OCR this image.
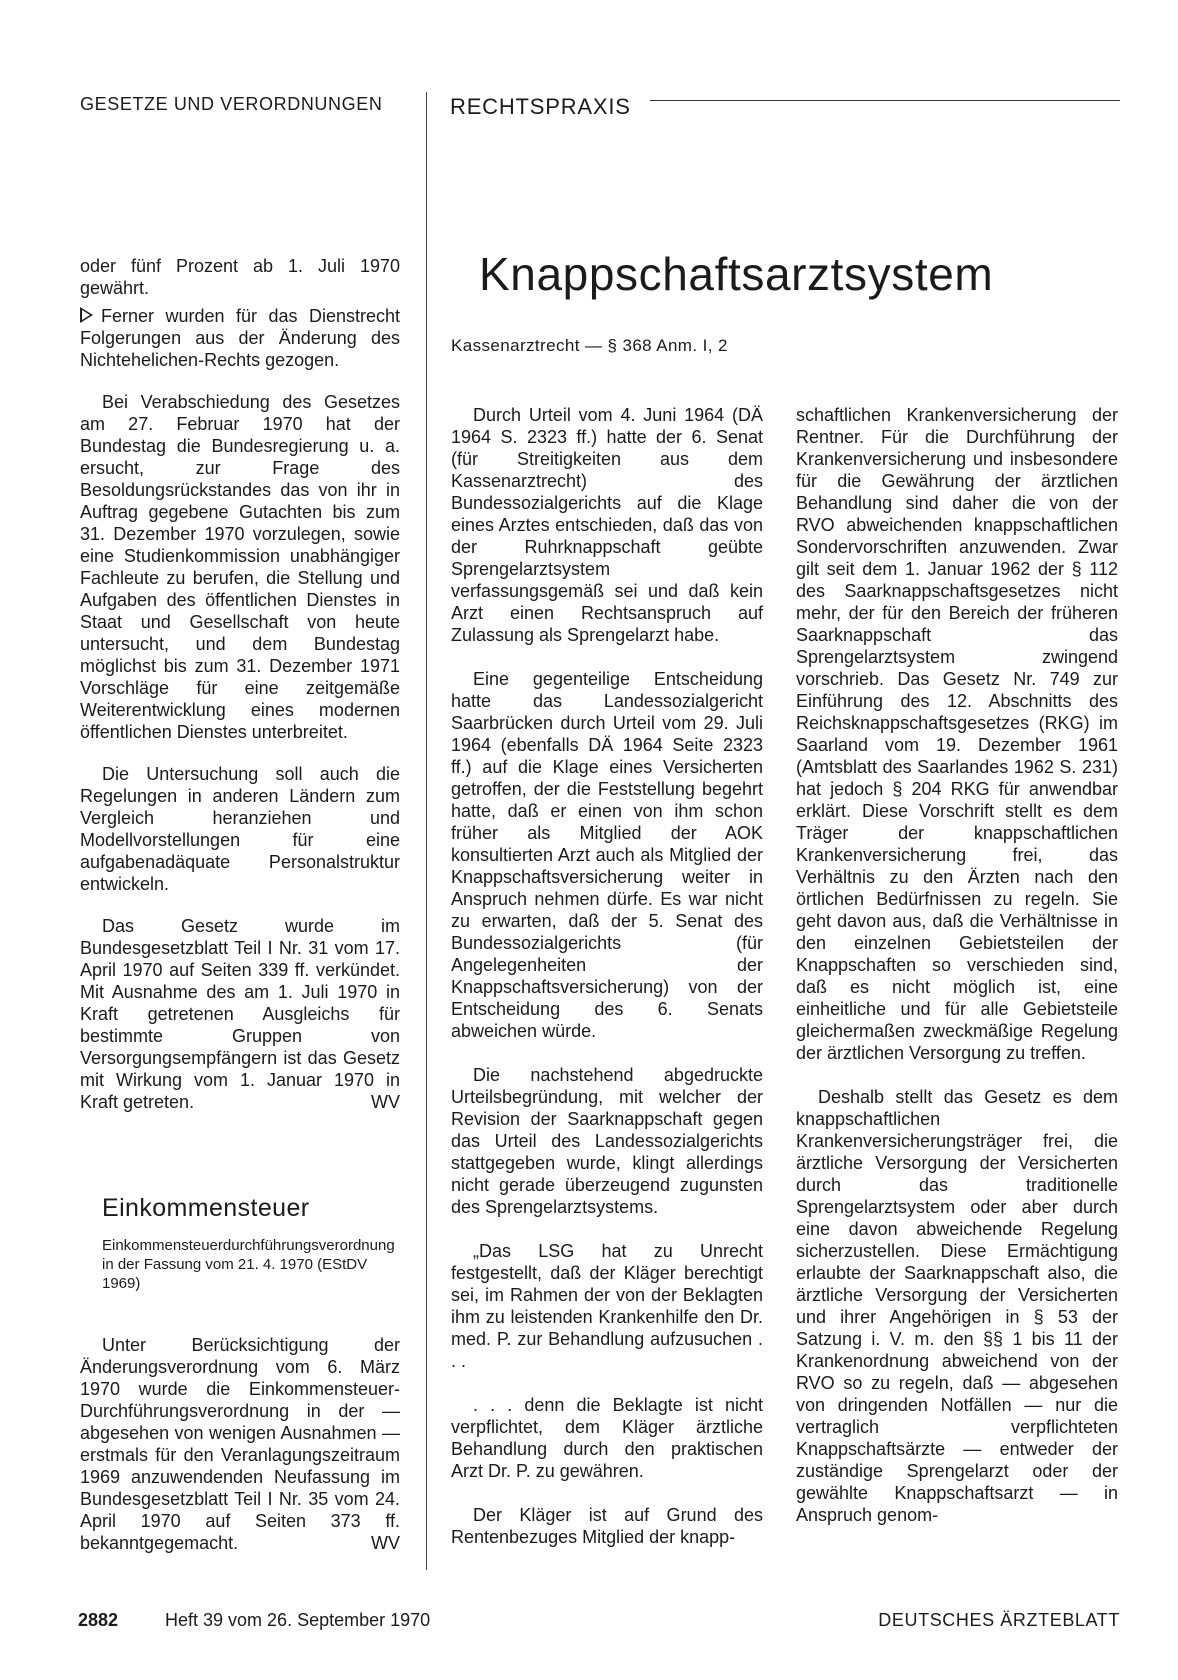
GESETZE UND VERORDNUNGEN	RECHTSPRAXIS

oder fünf Prozent ab 1. Juli 1970 gewährt.

Ferner wurden für das Dienstrecht Folgerungen aus der Änderung des Nichtehelichen-Rechts gezogen.

Bei Verabschiedung des Gesetzes am 27. Februar 1970 hat der Bundestag die Bundesregierung u. a. ersucht, zur Frage des Besoldungsrückstandes das von ihr in Auftrag gegebene Gutachten bis zum 31. Dezember 1970 vorzulegen, sowie eine Studienkommission unabhängiger Fachleute zu berufen, die Stellung und Aufgaben des öffentlichen Dienstes in Staat und Gesellschaft von heute untersucht, und dem Bundestag möglichst bis zum 31. Dezember 1971 Vorschläge für eine zeitgemäße Weiterentwicklung eines modernen öffentlichen Dienstes unterbreitet.

Die Untersuchung soll auch die Regelungen in anderen Ländern zum Vergleich heranziehen und Modellvorstellungen für eine aufgabenadäquate Personalstruktur entwickeln.

Das Gesetz wurde im Bundesgesetzblatt Teil I Nr. 31 vom 17. April 1970 auf Seiten 339 ff. verkündet. Mit Ausnahme des am 1. Juli 1970 in Kraft getretenen Ausgleichs für bestimmte Gruppen von Versorgungsempfängern ist das Gesetz mit Wirkung vom 1. Januar 1970 in Kraft getreten.	WV

Einkommensteuer
Einkommensteuerdurchführungsverordnung in der Fassung vom 21. 4. 1970 (EStDV 1969)

Unter Berücksichtigung der Änderungsverordnung vom 6. März 1970 wurde die Einkommensteuer-Durchführungsverordnung in der — abgesehen von wenigen Ausnahmen — erstmals für den Veranlagungszeitraum 1969 anzuwendenden Neufassung im Bundesgesetzblatt Teil I Nr. 35 vom 24. April 1970 auf Seiten 373 ff. bekanntgegemacht.	WV

Knappschaftsarztsystem
Kassenarztrecht — § 368 Anm. I, 2

Durch Urteil vom 4. Juni 1964 (DÄ 1964 S. 2323 ff.) hatte der 6. Senat (für Streitigkeiten aus dem Kassenarztrecht) des Bundessozialgerichts auf die Klage eines Arztes entschieden, daß das von der Ruhrknappschaft geübte Sprengelarztsystem verfassungsgemäß sei und daß kein Arzt einen Rechtsanspruch auf Zulassung als Sprengelarzt habe.

Eine gegenteilige Entscheidung hatte das Landessozialgericht Saarbrücken durch Urteil vom 29. Juli 1964 (ebenfalls DÄ 1964 Seite 2323 ff.) auf die Klage eines Versicherten getroffen, der die Feststellung begehrt hatte, daß er einen von ihm schon früher als Mitglied der AOK konsultierten Arzt auch als Mitglied der Knappschaftsversicherung weiter in Anspruch nehmen dürfe. Es war nicht zu erwarten, daß der 5. Senat des Bundessozialgerichts (für Angelegenheiten der Knappschaftsversicherung) von der Entscheidung des 6. Senats abweichen würde.

Die nachstehend abgedruckte Urteilsbegründung, mit welcher der Revision der Saarknappschaft gegen das Urteil des Landessozialgerichts stattgegeben wurde, klingt allerdings nicht gerade überzeugend zugunsten des Sprengelarztsystems.

„Das LSG hat zu Unrecht festgestellt, daß der Kläger berechtigt sei, im Rahmen der von der Beklagten ihm zu leistenden Krankenhilfe den Dr. med. P. zur Behandlung aufzusuchen . . .

. . . denn die Beklagte ist nicht verpflichtet, dem Kläger ärztliche Behandlung durch den praktischen Arzt Dr. P. zu gewähren.

Der Kläger ist auf Grund des Rentenbezuges Mitglied der knapp-

schaftlichen Krankenversicherung der Rentner. Für die Durchführung der Krankenversicherung und insbesondere für die Gewährung der ärztlichen Behandlung sind daher die von der RVO abweichenden knappschaftlichen Sondervorschriften anzuwenden. Zwar gilt seit dem 1. Januar 1962 der § 112 des Saarknappschaftsgesetzes nicht mehr, der für den Bereich der früheren Saarknappschaft das Sprengelarztsystem zwingend vorschrieb. Das Gesetz Nr. 749 zur Einführung des 12. Abschnitts des Reichsknappschaftsgesetzes (RKG) im Saarland vom 19. Dezember 1961 (Amtsblatt des Saarlandes 1962 S. 231) hat jedoch § 204 RKG für anwendbar erklärt. Diese Vorschrift stellt es dem Träger der knappschaftlichen Krankenversicherung frei, das Verhältnis zu den Ärzten nach den örtlichen Bedürfnissen zu regeln. Sie geht davon aus, daß die Verhältnisse in den einzelnen Gebietsteilen der Knappschaften so verschieden sind, daß es nicht möglich ist, eine einheitliche und für alle Gebietsteile gleichermaßen zweckmäßige Regelung der ärztlichen Versorgung zu treffen.

Deshalb stellt das Gesetz es dem knappschaftlichen Krankenversicherungsträger frei, die ärztliche Versorgung der Versicherten durch das traditionelle Sprengelarztsystem oder aber durch eine davon abweichende Regelung sicherzustellen. Diese Ermächtigung erlaubte der Saarknappschaft also, die ärztliche Versorgung der Versicherten und ihrer Angehörigen in § 53 der Satzung i. V. m. den §§ 1 bis 11 der Krankenordnung abweichend von der RVO so zu regeln, daß — abgesehen von dringenden Notfällen — nur die vertraglich verpflichteten Knappschaftsärzte — entweder der zuständige Sprengelarzt oder der gewählte Knappschaftsarzt — in Anspruch genom-

2882	Heft 39 vom 26. September 1970	DEUTSCHES ÄRZTEBLATT
